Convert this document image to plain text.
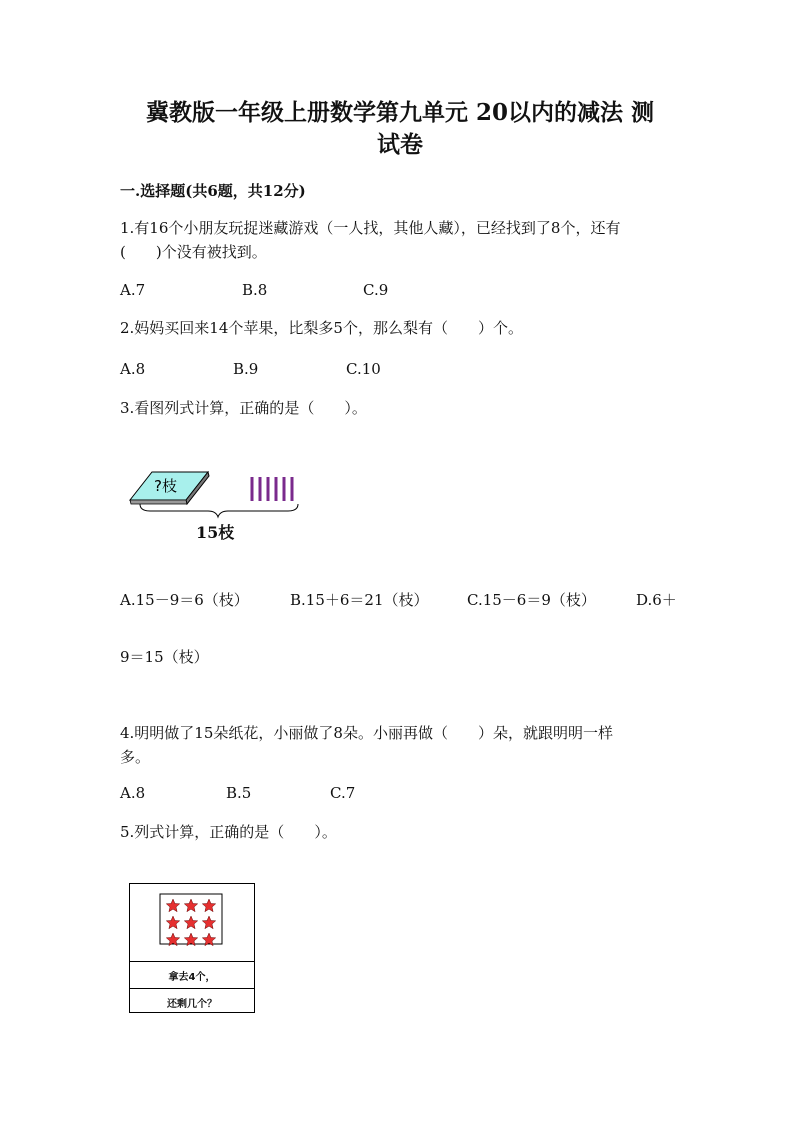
冀教版一年级上册数学第九单元 20以内的减法 测
试卷
一.选择题(共6题，共12分)
1.有16个小朋友玩捉迷藏游戏（一人找，其他人藏），已经找到了8个，还有
(　　)个没有被找到。
A.7	B.8	C.9
2.妈妈买回来14个苹果，比梨多5个，那么梨有（　　）个。
A.8	B.9	C.10
3.看图列式计算，正确的是（　　）。
?枝
15枝
A.15－9＝6（枝）	B.15＋6＝21（枝）	C.15－6＝9（枝）	D.6＋
9＝15（枝）
4.明明做了15朵纸花，小丽做了8朵。小丽再做（　　）朵，就跟明明一样
多。
A.8	B.5	C.7
5.列式计算，正确的是（　　）。
拿去4个，
还剩几个？
